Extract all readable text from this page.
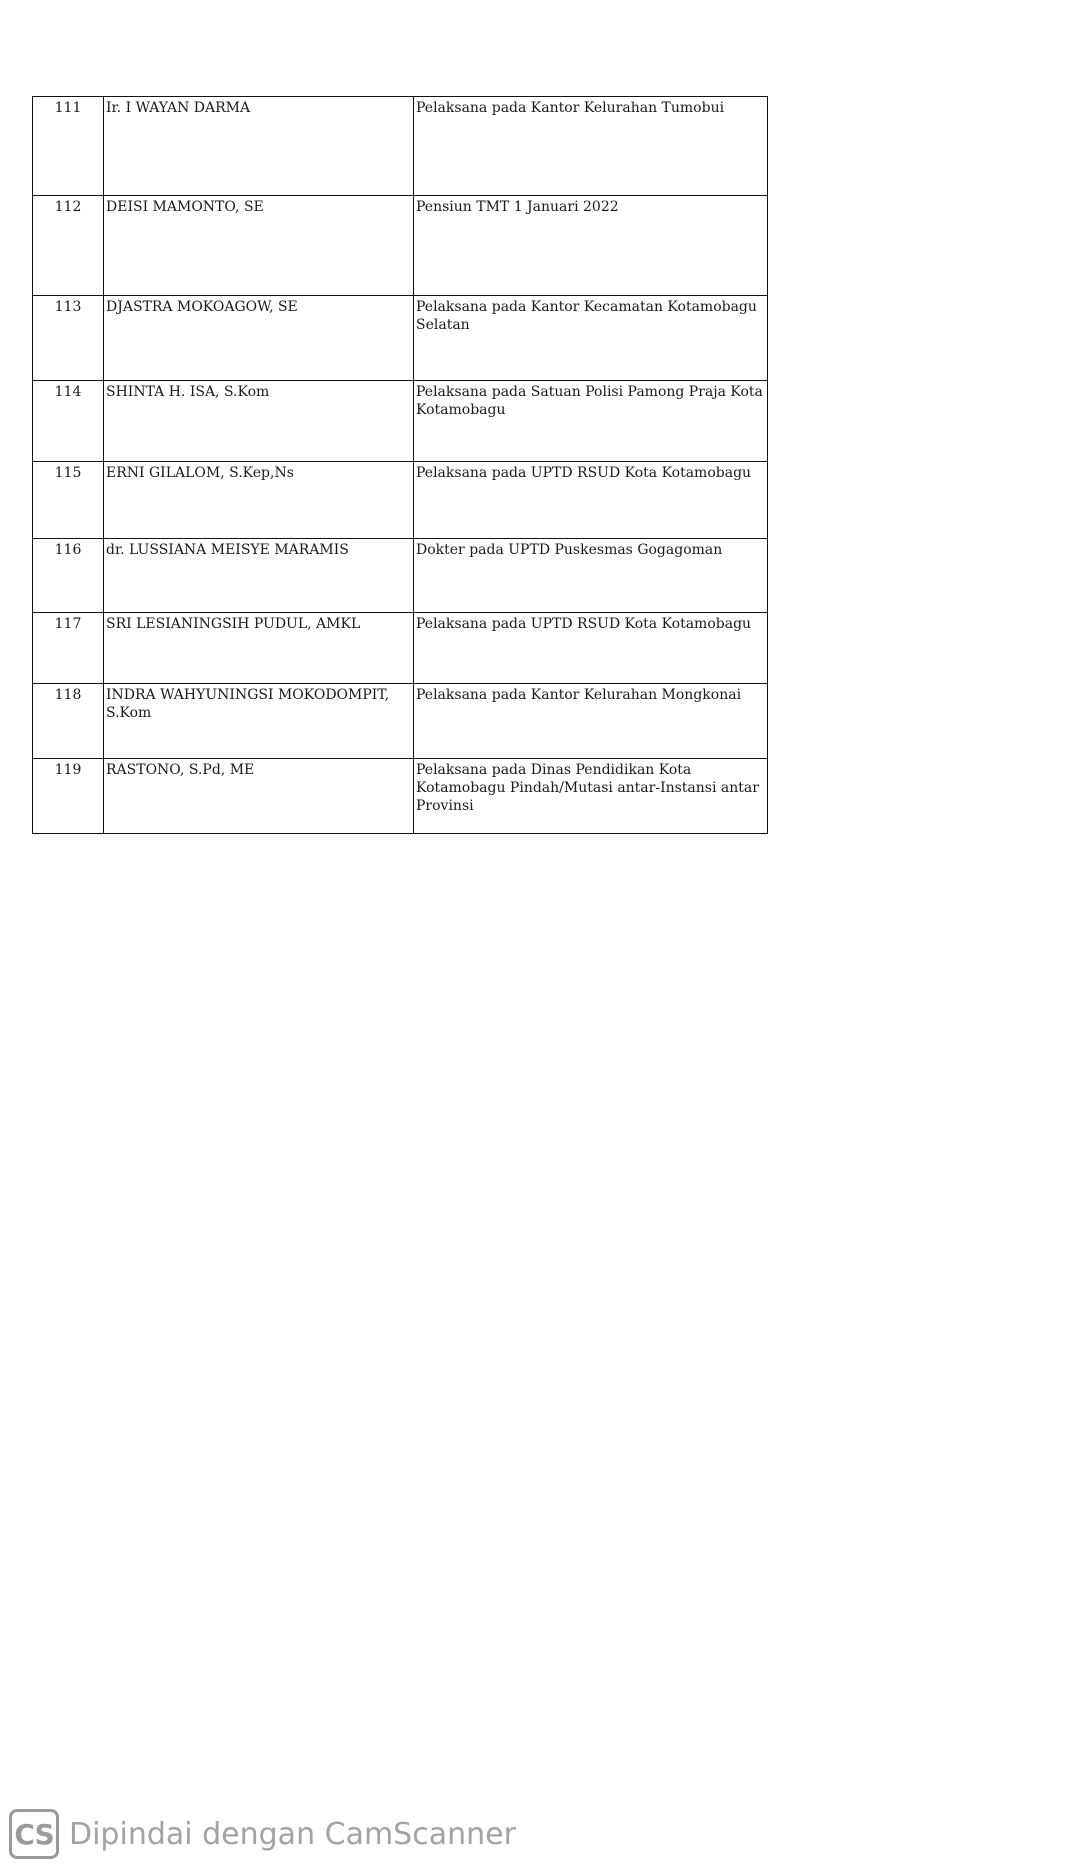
111	Ir. I WAYAN DARMA	Pelaksana pada Kantor Kelurahan Tumobui
112	DEISI MAMONTO, SE	Pensiun TMT 1 Januari 2022
113	DJASTRA MOKOAGOW, SE	Pelaksana pada Kantor Kecamatan Kotamobagu Selatan
114	SHINTA H. ISA, S.Kom	Pelaksana pada Satuan Polisi Pamong Praja Kota Kotamobagu
115	ERNI GILALOM, S.Kep,Ns	Pelaksana pada UPTD RSUD Kota Kotamobagu
116	dr. LUSSIANA MEISYE MARAMIS	Dokter pada UPTD Puskesmas Gogagoman
117	SRI LESIANINGSIH PUDUL, AMKL	Pelaksana pada UPTD RSUD Kota Kotamobagu
118	INDRA WAHYUNINGSI MOKODOMPIT, S.Kom	Pelaksana pada Kantor Kelurahan Mongkonai
119	RASTONO, S.Pd, ME	Pelaksana pada Dinas Pendidikan Kota Kotamobagu Pindah/Mutasi antar-Instansi antar Provinsi
CS Dipindai dengan CamScanner
